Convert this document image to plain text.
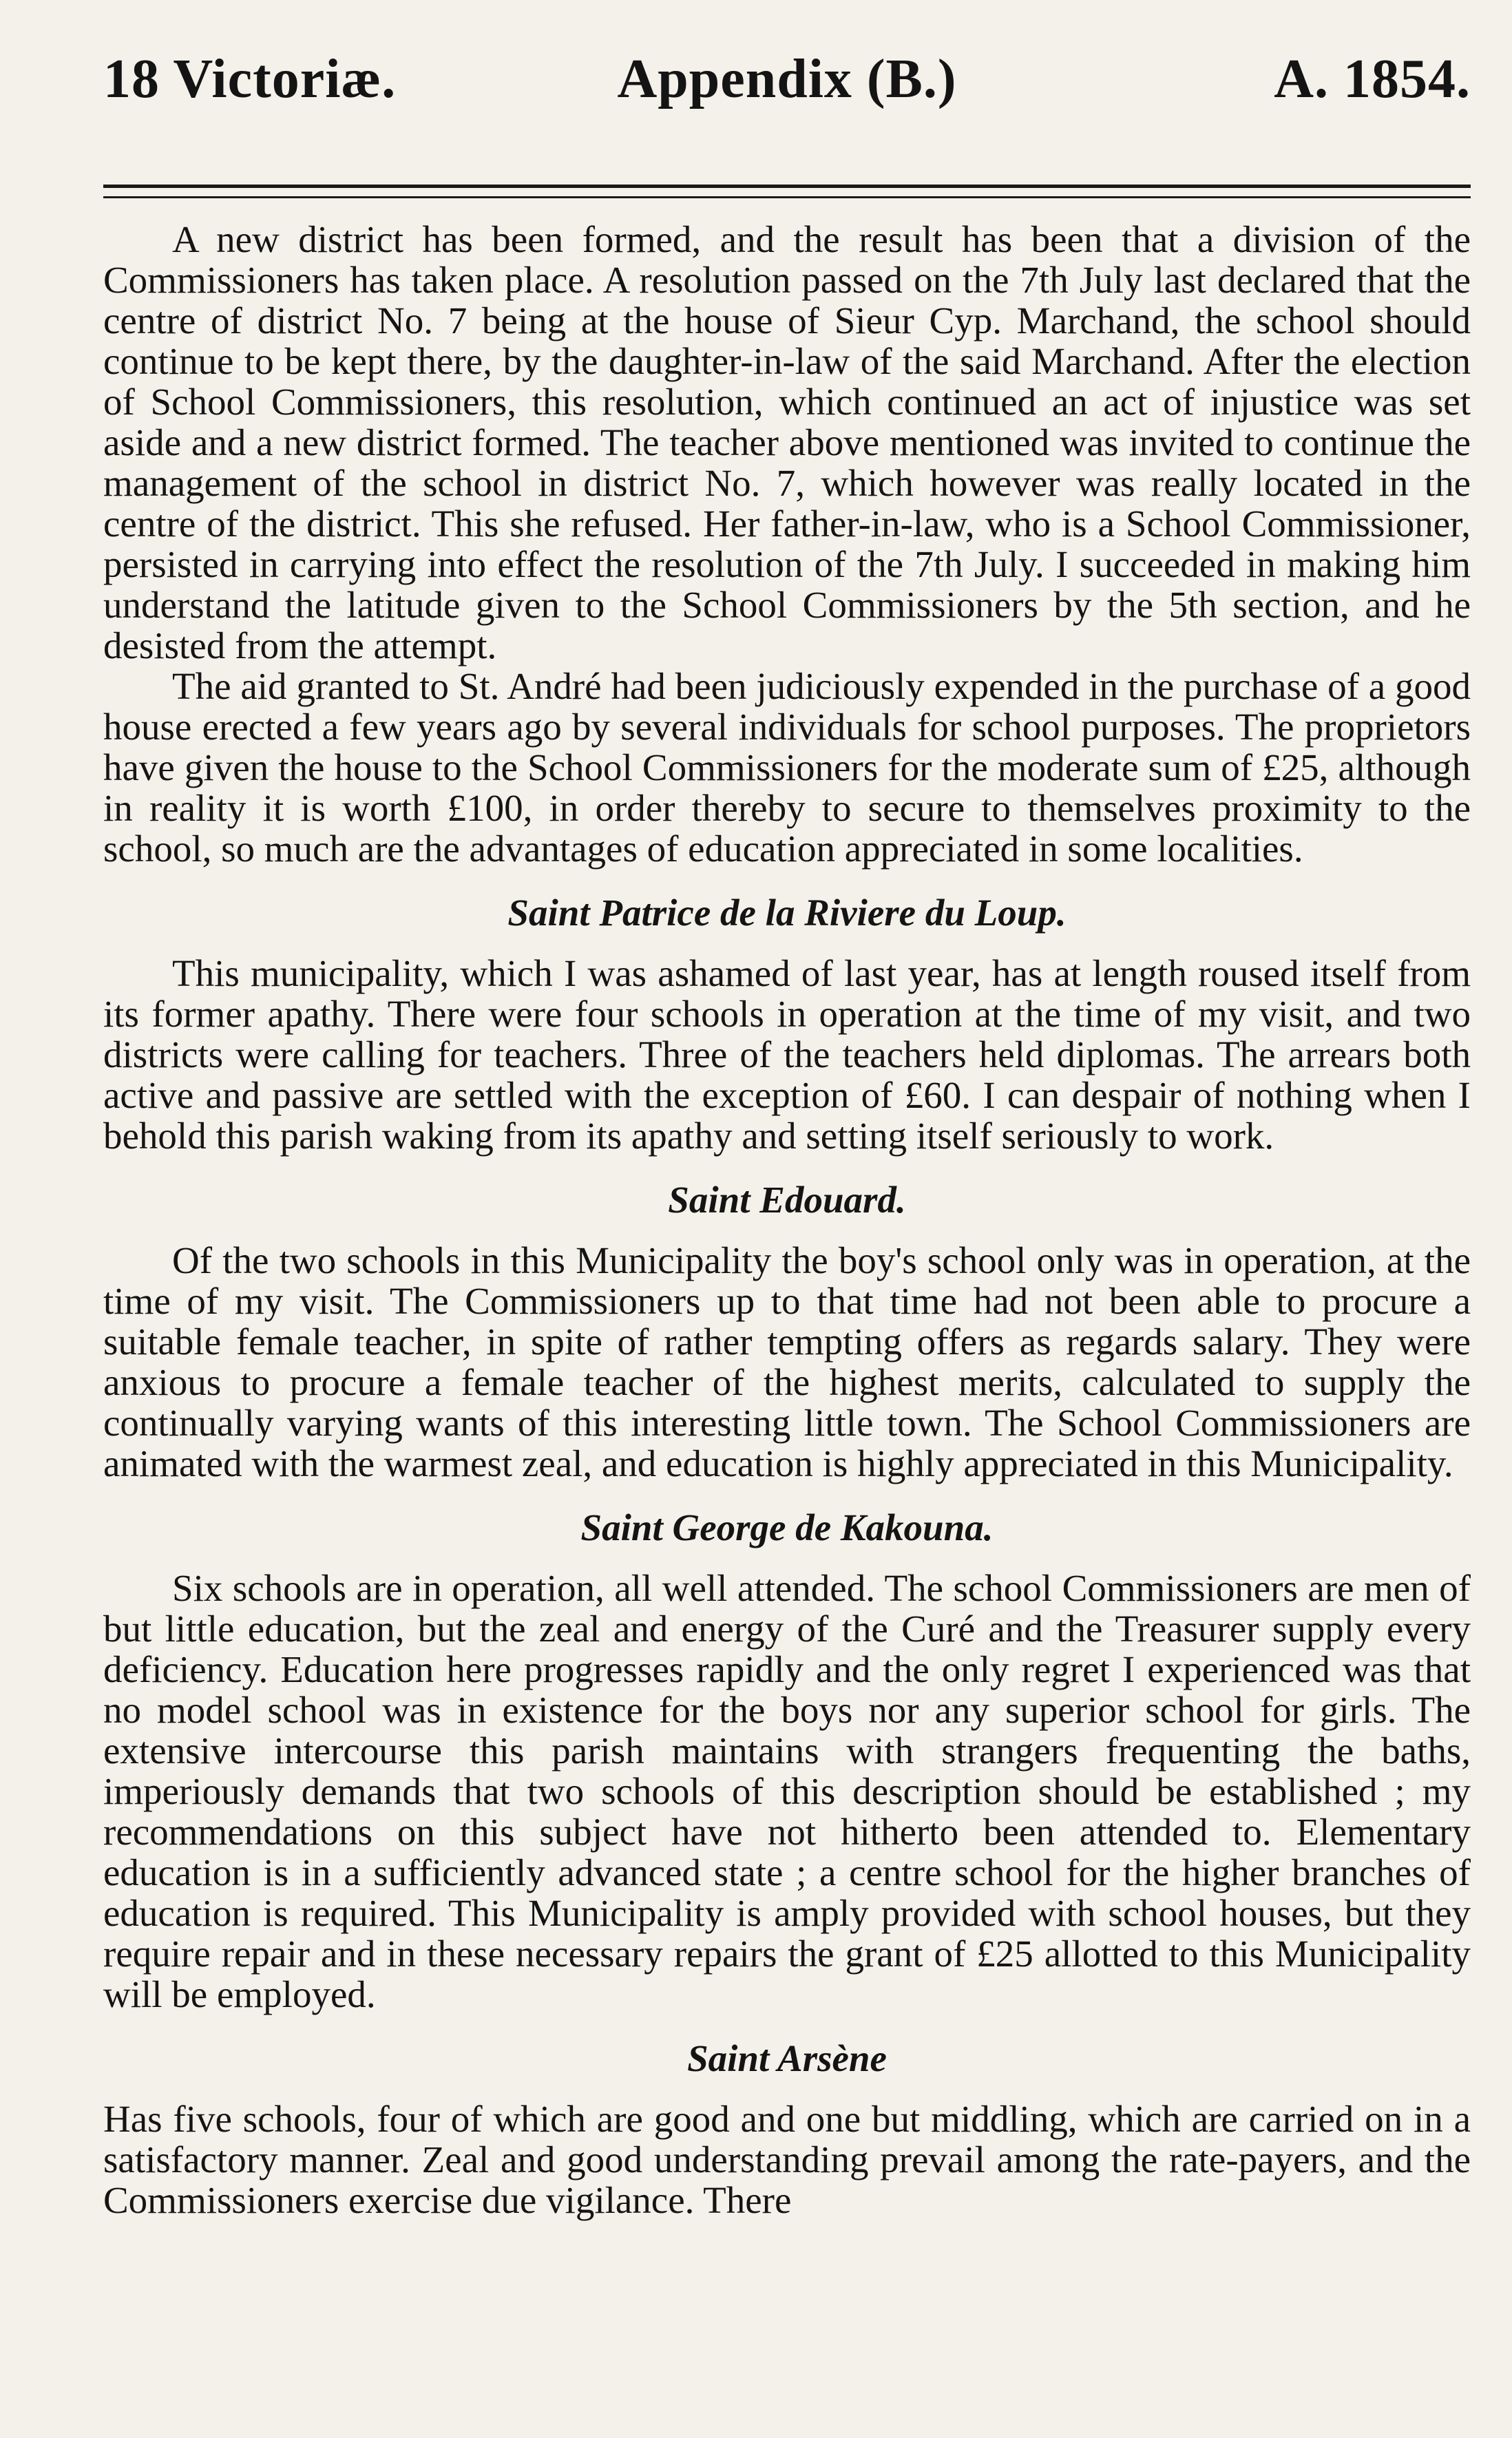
18 Victoriæ.	Appendix (B.)	A. 1854.

A new district has been formed, and the result has been that a division of the Commissioners has taken place. A resolution passed on the 7th July last declared that the centre of district No. 7 being at the house of Sieur Cyp. Marchand, the school should continue to be kept there, by the daughter-in-law of the said Marchand. After the election of School Commissioners, this resolution, which continued an act of injustice was set aside and a new district formed. The teacher above mentioned was invited to continue the management of the school in district No. 7, which however was really located in the centre of the district. This she refused. Her father-in-law, who is a School Commissioner, persisted in carrying into effect the resolution of the 7th July. I succeeded in making him understand the latitude given to the School Commissioners by the 5th section, and he desisted from the attempt.

The aid granted to St. André had been judiciously expended in the purchase of a good house erected a few years ago by several individuals for school purposes. The proprietors have given the house to the School Commissioners for the moderate sum of £25, although in reality it is worth £100, in order thereby to secure to themselves proximity to the school, so much are the advantages of education appreciated in some localities.

Saint Patrice de la Riviere du Loup.

This municipality, which I was ashamed of last year, has at length roused itself from its former apathy. There were four schools in operation at the time of my visit, and two districts were calling for teachers. Three of the teachers held diplomas. The arrears both active and passive are settled with the exception of £60. I can despair of nothing when I behold this parish waking from its apathy and setting itself seriously to work.

Saint Edouard.

Of the two schools in this Municipality the boy's school only was in operation, at the time of my visit. The Commissioners up to that time had not been able to procure a suitable female teacher, in spite of rather tempting offers as regards salary. They were anxious to procure a female teacher of the highest merits, calculated to supply the continually varying wants of this interesting little town. The School Commissioners are animated with the warmest zeal, and education is highly appreciated in this Municipality.

Saint George de Kakouna.

Six schools are in operation, all well attended. The school Commissioners are men of but little education, but the zeal and energy of the Curé and the Treasurer supply every deficiency. Education here progresses rapidly and the only regret I experienced was that no model school was in existence for the boys nor any superior school for girls. The extensive intercourse this parish maintains with strangers frequenting the baths, imperiously demands that two schools of this description should be established ; my recommendations on this subject have not hitherto been attended to. Elementary education is in a sufficiently advanced state ; a centre school for the higher branches of education is required. This Municipality is amply provided with school houses, but they require repair and in these necessary repairs the grant of £25 allotted to this Municipality will be employed.

Saint Arsène

Has five schools, four of which are good and one but middling, which are carried on in a satisfactory manner. Zeal and good understanding prevail among the rate-payers, and the Commissioners exercise due vigilance. There
